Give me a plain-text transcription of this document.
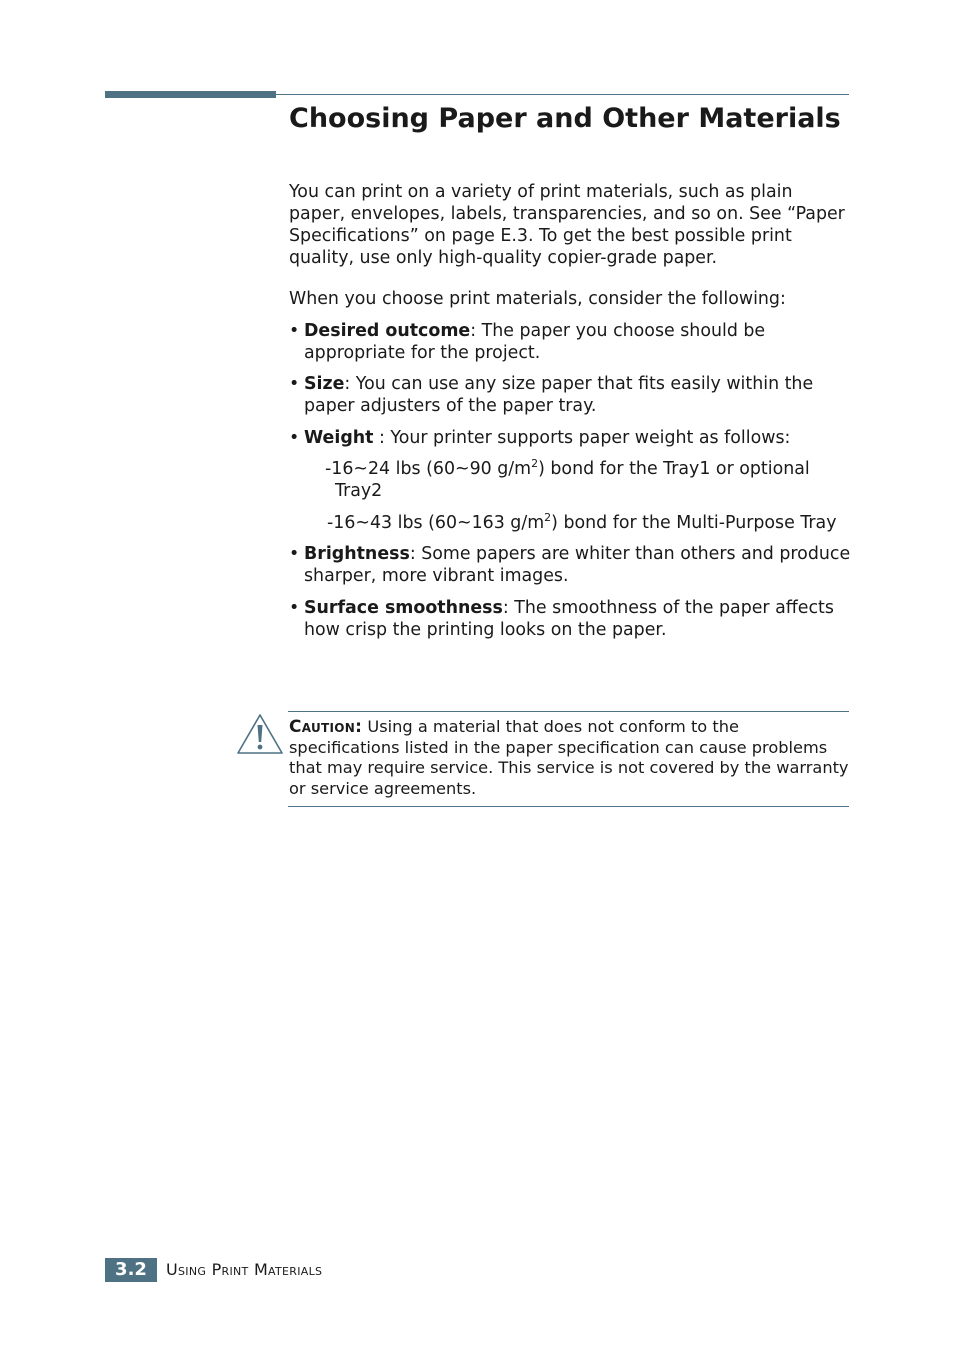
Choosing Paper and Other Materials

You can print on a variety of print materials, such as plain paper, envelopes, labels, transparencies, and so on. See “Paper Specifications” on page E.3. To get the best possible print quality, use only high-quality copier-grade paper.

When you choose print materials, consider the following:

• Desired outcome: The paper you choose should be appropriate for the project.
• Size: You can use any size paper that fits easily within the paper adjusters of the paper tray.
• Weight : Your printer supports paper weight as follows:
-16~24 lbs (60~90 $g/m^2$) bond for the Tray1 or optional
Tray2
-16~43 lbs (60~163 $g/m^2$) bond for the Multi-Purpose Tray
• Brightness: Some papers are whiter than others and produce sharper, more vibrant images.
• Surface smoothness: The smoothness of the paper affects how crisp the printing looks on the paper.

Caution: Using a material that does not conform to the specifications listed in the paper specification can cause problems that may require service. This service is not covered by the warranty or service agreements.

3.2	Using Print Materials
